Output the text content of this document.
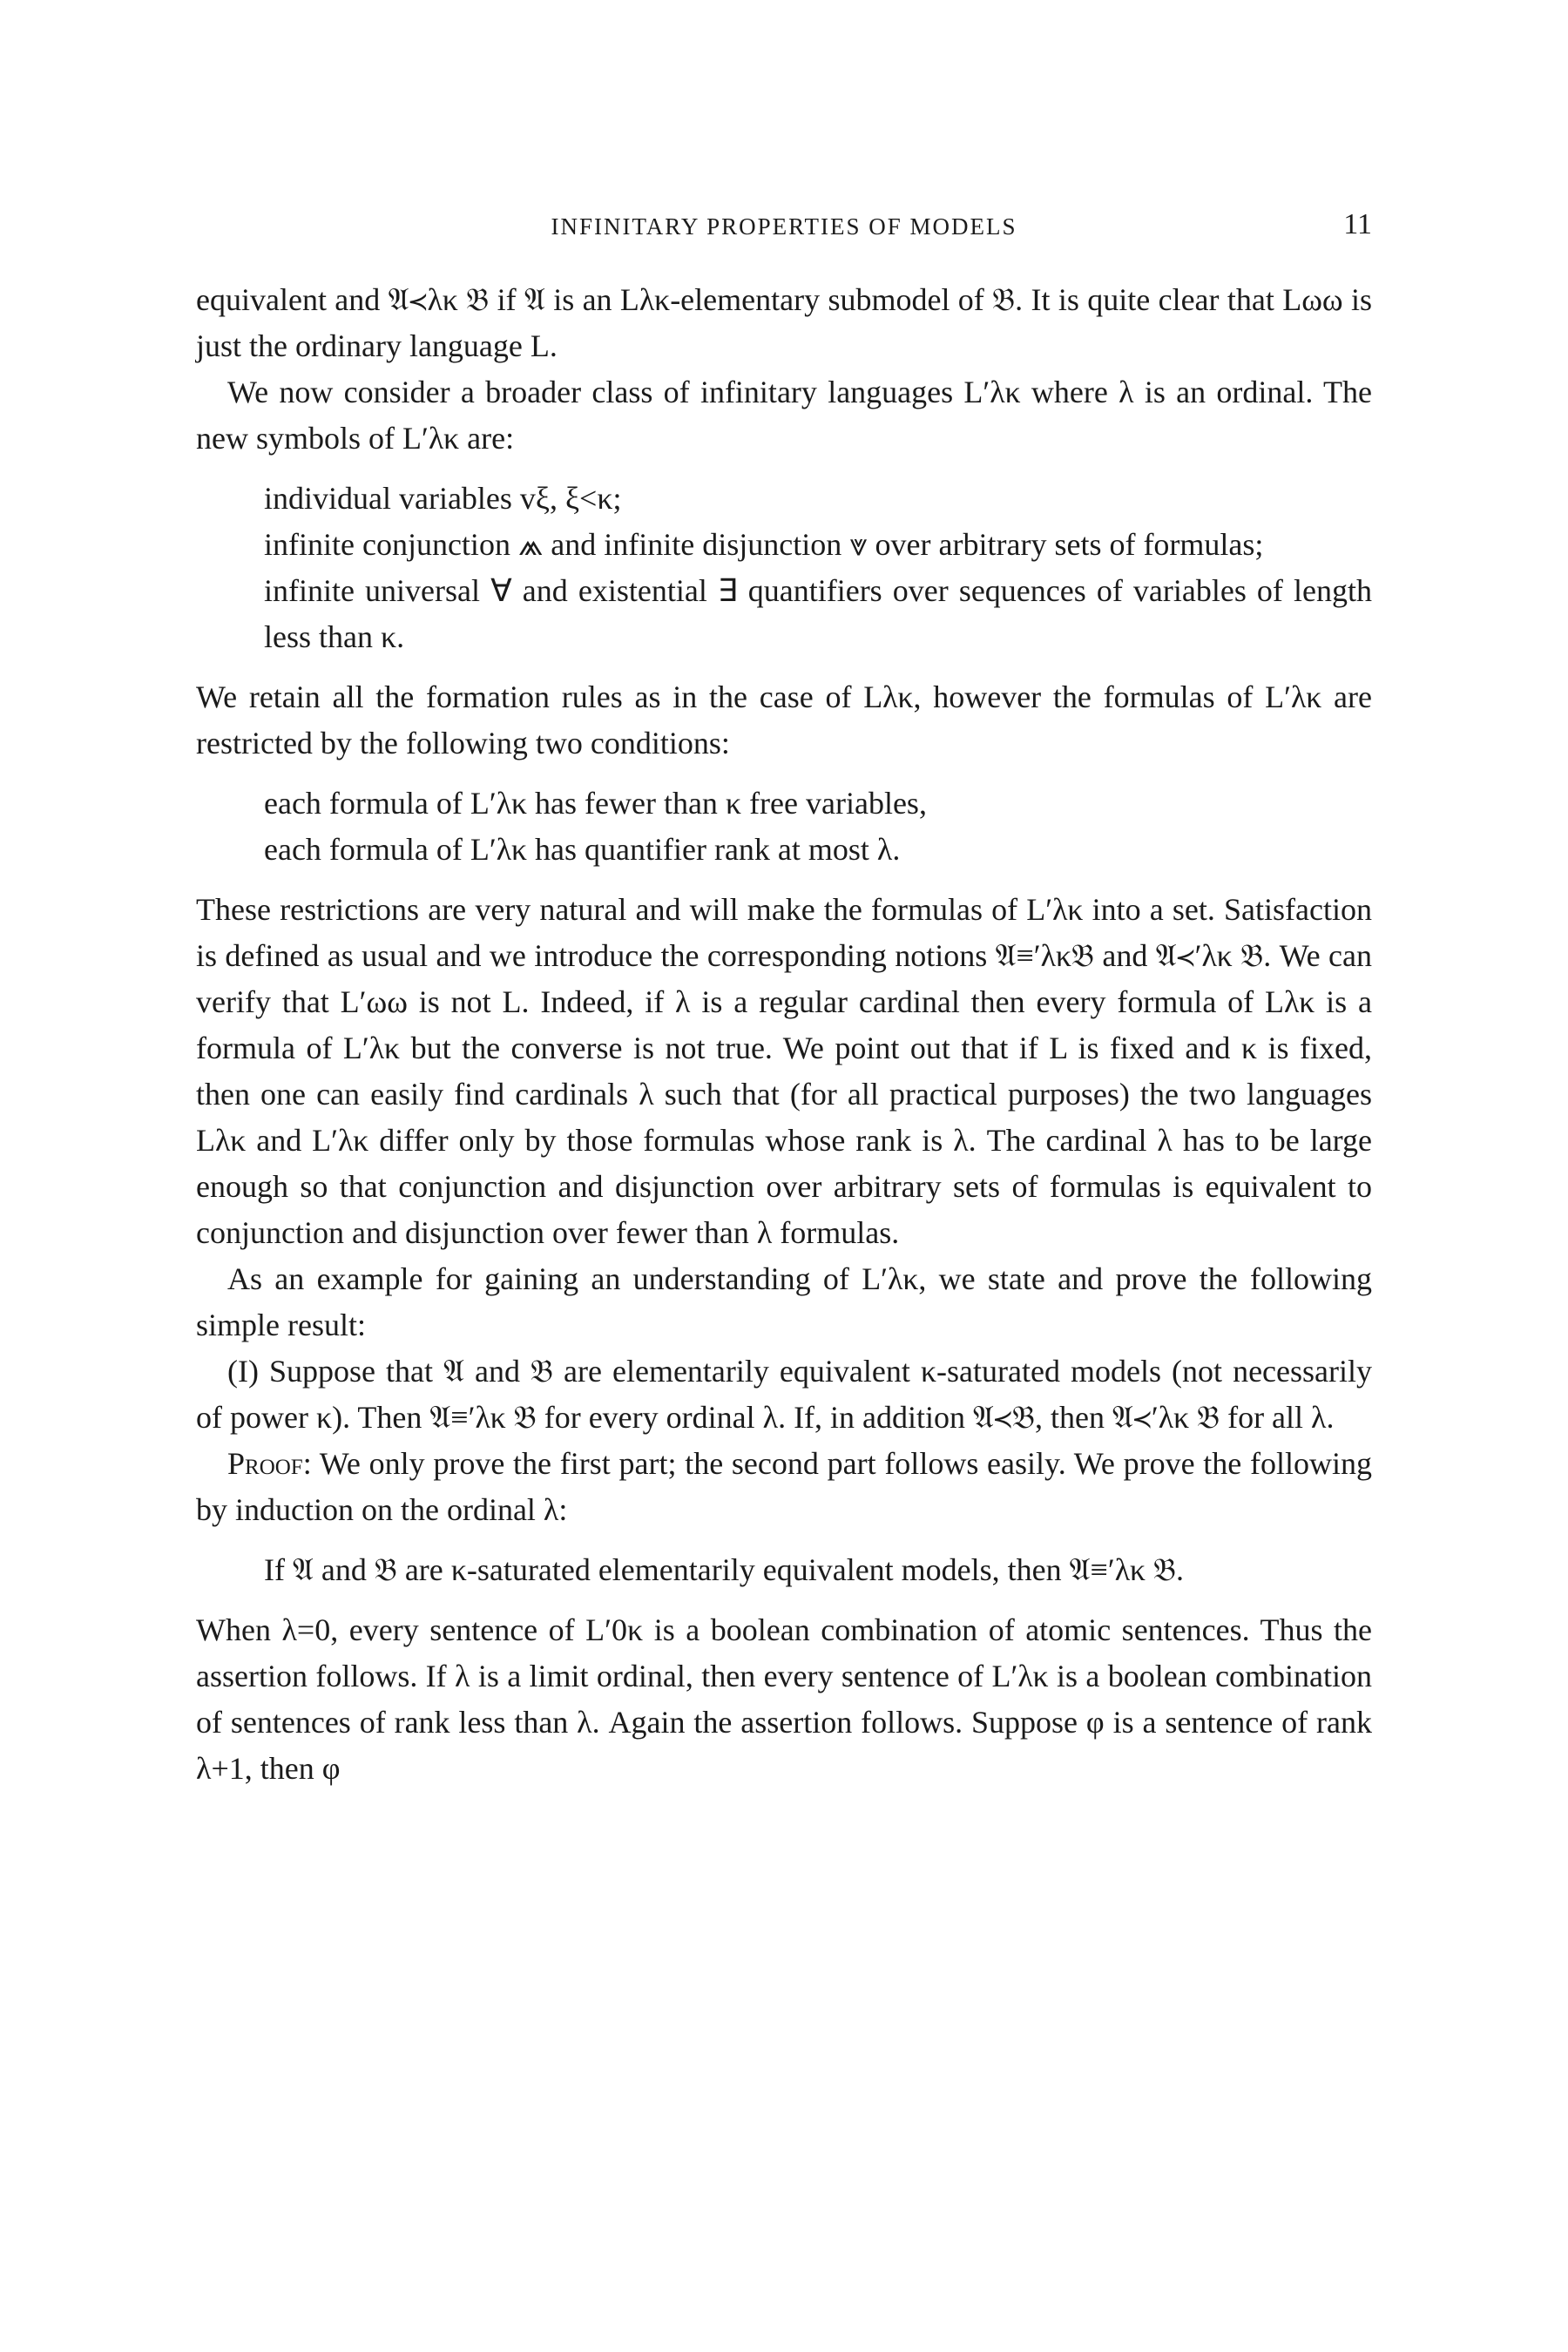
INFINITARY PROPERTIES OF MODELS	11

equivalent and 𝔄≺λκ 𝔅 if 𝔄 is an Lλκ-elementary submodel of 𝔅. It is quite clear that Lωω is just the ordinary language L.

We now consider a broader class of infinitary languages L′λκ where λ is an ordinal. The new symbols of L′λκ are:

individual variables vξ, ξ<κ;
infinite conjunction ⩕ and infinite disjunction ⩔ over arbitrary sets of formulas;
infinite universal ∀ and existential ∃ quantifiers over sequences of variables of length less than κ.

We retain all the formation rules as in the case of Lλκ, however the formulas of L′λκ are restricted by the following two conditions:

each formula of L′λκ has fewer than κ free variables,
each formula of L′λκ has quantifier rank at most λ.

These restrictions are very natural and will make the formulas of L′λκ into a set. Satisfaction is defined as usual and we introduce the corresponding notions 𝔄≡′λκ𝔅 and 𝔄≺′λκ 𝔅. We can verify that L′ωω is not L. Indeed, if λ is a regular cardinal then every formula of Lλκ is a formula of L′λκ but the converse is not true. We point out that if L is fixed and κ is fixed, then one can easily find cardinals λ such that (for all practical purposes) the two languages Lλκ and L′λκ differ only by those formulas whose rank is λ. The cardinal λ has to be large enough so that conjunction and disjunction over arbitrary sets of formulas is equivalent to conjunction and disjunction over fewer than λ formulas.

As an example for gaining an understanding of L′λκ, we state and prove the following simple result:

(I) Suppose that 𝔄 and 𝔅 are elementarily equivalent κ-saturated models (not necessarily of power κ). Then 𝔄≡′λκ 𝔅 for every ordinal λ. If, in addition 𝔄≺𝔅, then 𝔄≺′λκ 𝔅 for all λ.

Proof: We only prove the first part; the second part follows easily. We prove the following by induction on the ordinal λ:

If 𝔄 and 𝔅 are κ-saturated elementarily equivalent models, then 𝔄≡′λκ 𝔅.

When λ=0, every sentence of L′0κ is a boolean combination of atomic sentences. Thus the assertion follows. If λ is a limit ordinal, then every sentence of L′λκ is a boolean combination of sentences of rank less than λ. Again the assertion follows. Suppose φ is a sentence of rank λ+1, then φ
